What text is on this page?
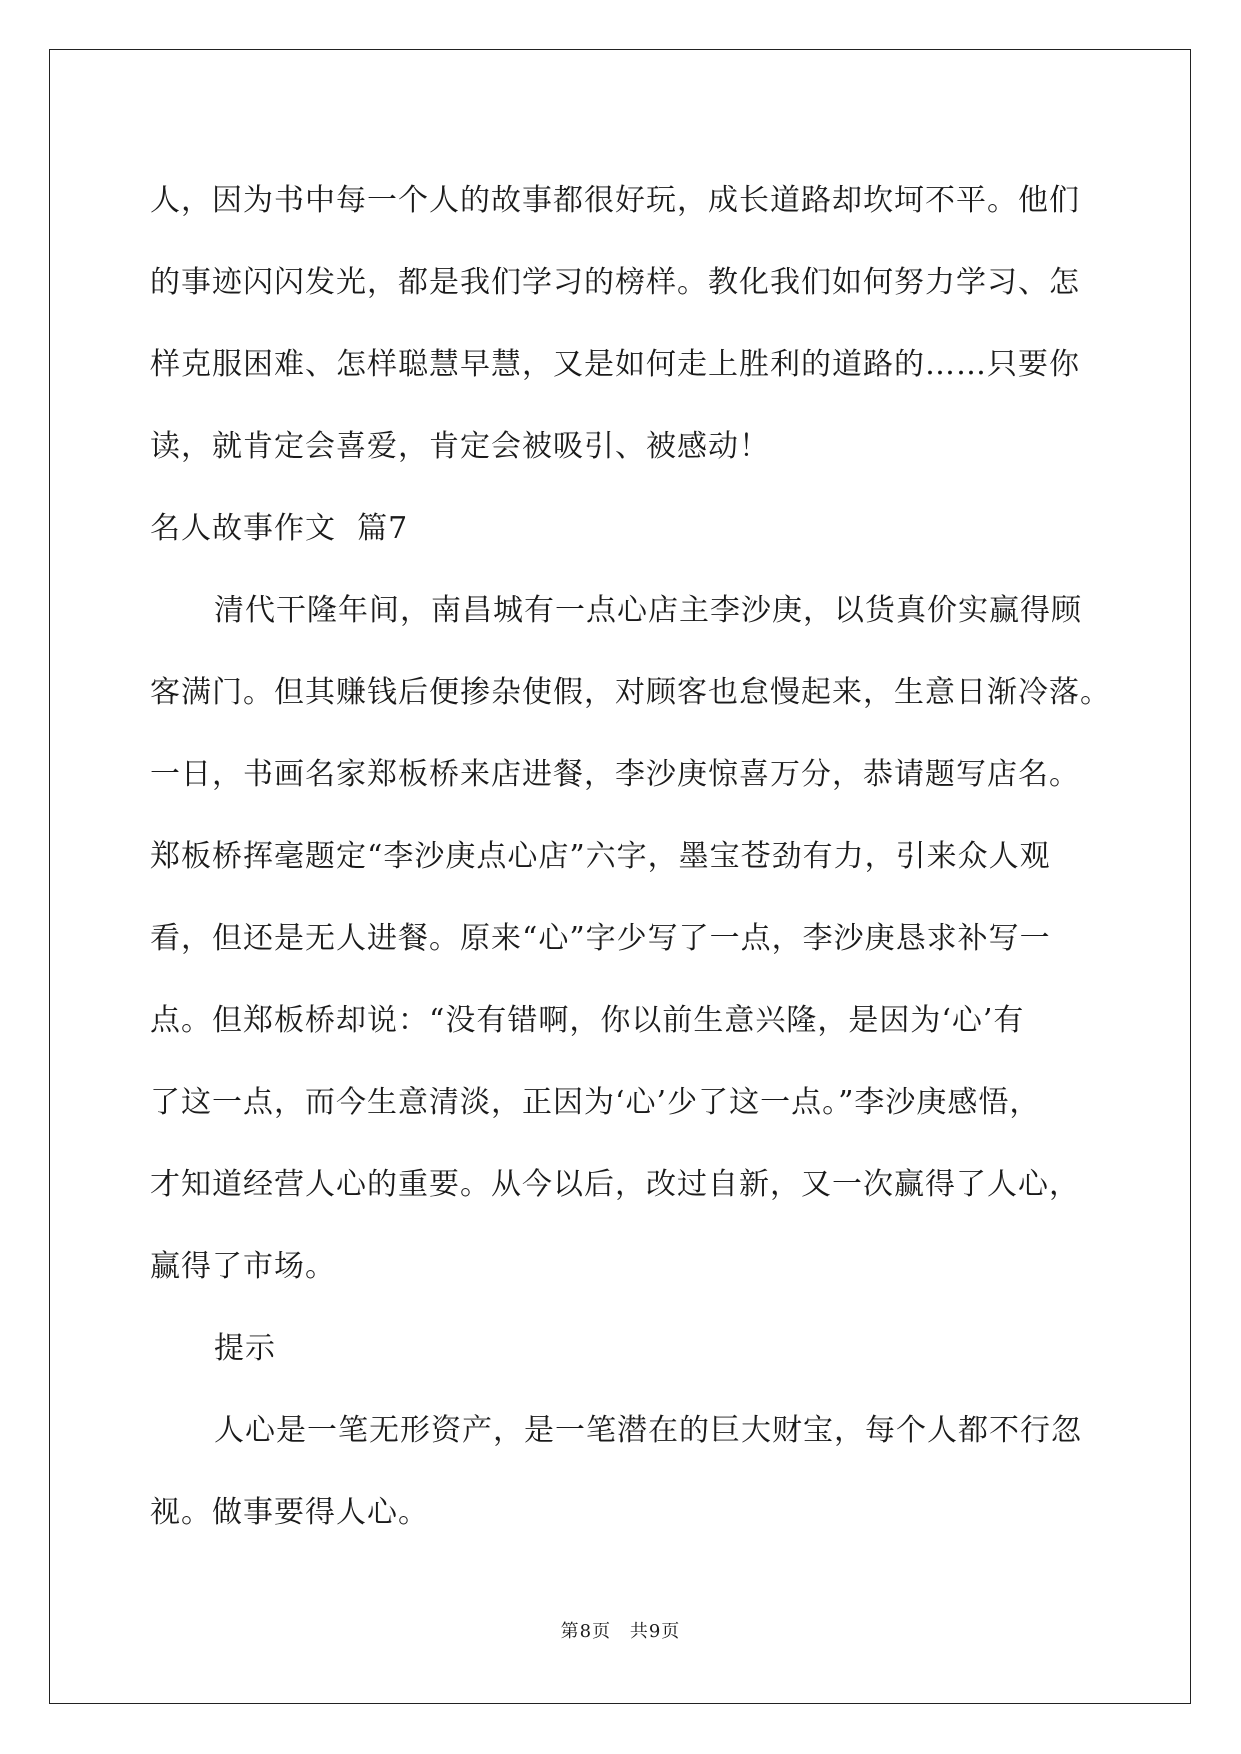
人，因为书中每一个人的故事都很好玩，成长道路却坎坷不平。他们
的事迹闪闪发光，都是我们学习的榜样。教化我们如何努力学习、怎
样克服困难、怎样聪慧早慧，又是如何走上胜利的道路的……只要你
读，就肯定会喜爱，肯定会被吸引、被感动！
名人故事作文  篇7
清代干隆年间，南昌城有一点心店主李沙庚，以货真价实赢得顾
客满门。但其赚钱后便掺杂使假，对顾客也怠慢起来，生意日渐冷落。
一日，书画名家郑板桥来店进餐，李沙庚惊喜万分，恭请题写店名。
郑板桥挥毫题定“李沙庚点心店”六字，墨宝苍劲有力，引来众人观
看，但还是无人进餐。原来“心”字少写了一点，李沙庚恳求补写一
点。但郑板桥却说：“没有错啊，你以前生意兴隆，是因为‘心’有
了这一点，而今生意清淡，正因为‘心’少了这一点。”李沙庚感悟，
才知道经营人心的重要。从今以后，改过自新，又一次赢得了人心，
赢得了市场。
提示
人心是一笔无形资产，是一笔潜在的巨大财宝，每个人都不行忽
视。做事要得人心。
第8页 共9页
